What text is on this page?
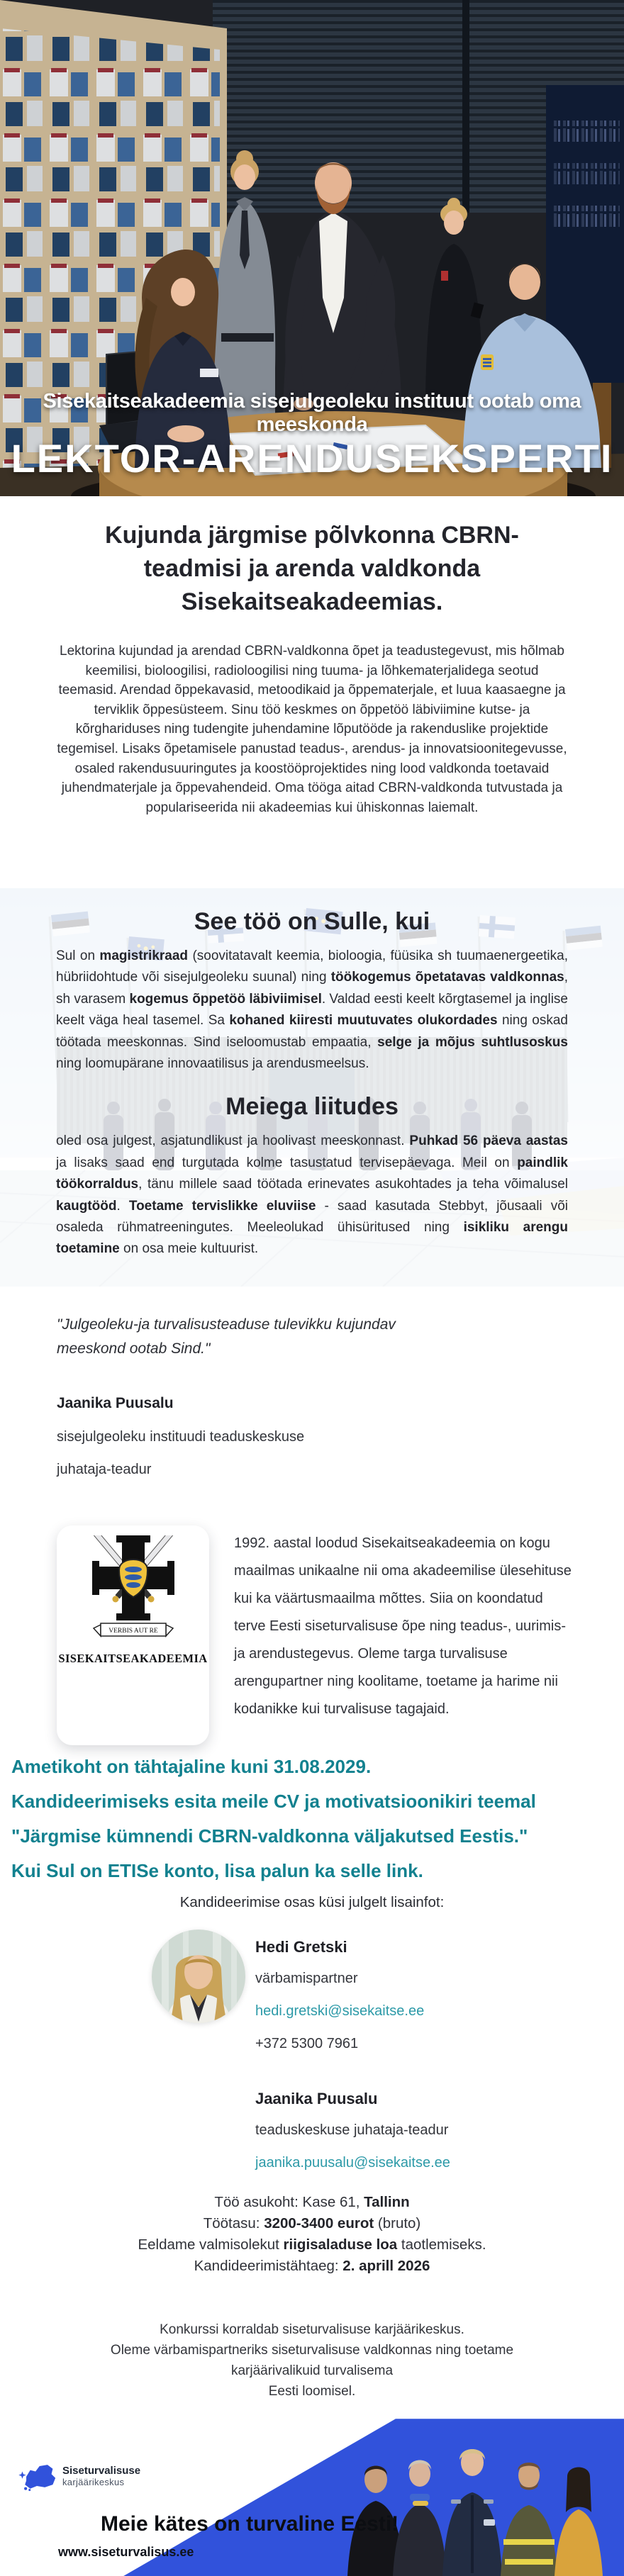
Sisekaitseakadeemia sisejulgeoleku instituut ootab oma meeskonda
LEKTOR-ARENDUSEKSPERTI
Kujunda järgmise põlvkonna CBRN-teadmisi ja arenda valdkonda Sisekaitseakadeemias.
Lektorina kujundad ja arendad CBRN-valdkonna õpet ja teadustegevust, mis hõlmab keemilisi, bioloogilisi, radioloogilisi ning tuuma- ja lõhkematerjalidega seotud teemasid. Arendad õppekavasid, metoodikaid ja õppematerjale, et luua kaasaegne ja terviklik õppesüsteem. Sinu töö keskmes on õppetöö läbiviimine kutse- ja kõrghariduses ning tudengite juhendamine lõputööde ja rakenduslike projektide tegemisel. Lisaks õpetamisele panustad teadus-, arendus- ja innovatsioonitegevusse, osaled rakendusuuringutes ja koostööprojektides ning lood valdkonda toetavaid juhendmaterjale ja õppevahendeid. Oma tööga aitad CBRN-valdkonda tutvustada ja populariseerida nii akadeemias kui ühiskonnas laiemalt.
See töö on Sulle, kui

Sul on magistrikraad (soovitatavalt keemia, bioloogia, füüsika sh tuumaenergeetika, hübriidohtude või sisejulgeoleku suunal) ning töökogemus õpetatavas valdkonnas, sh varasem kogemus õppetöö läbiviimisel. Valdad eesti keelt kõrgtasemel ja inglise keelt väga heal tasemel. Sa kohaned kiiresti muutuvates olukordades ning oskad töötada meeskonnas. Sind iseloomustab empaatia, selge ja mõjus suhtlusoskus ning loomupärane innovaatilisus ja arendusmeelsus.

Meiega liitudes

oled osa julgest, asjatundlikust ja hoolivast meeskonnast. Puhkad 56 päeva aastas ja lisaks saad end turgutada kolme tasustatud tervisepäevaga. Meil on paindlik töökorraldus, tänu millele saad töötada erinevates asukohtades ja teha võimalusel kaugtööd. Toetame tervislikke eluviise - saad kasutada Stebbyt, jõusaali või osaleda rühmatreeningutes. Meeleolukad ühisüritused ning isikliku arengu toetamine on osa meie kultuurist.

"Julgeoleku-ja turvalisusteaduse tulevikku kujundav meeskond ootab Sind."
Jaanika Puusalu
sisejulgeoleku instituudi teaduskeskuse
juhataja-teadur
VERBIS AUT RE
SISEKAITSEAKADEEMIA
1992. aastal loodud Sisekaitseakadeemia on kogu maailmas unikaalne nii oma akadeemilise ülesehituse kui ka väärtusmaailma mõttes. Siia on koondatud terve Eesti siseturvalisuse õpe ning teadus-, uurimis- ja arendustegevus. Oleme targa turvalisuse arengupartner ning koolitame, toetame ja harime nii kodanikke kui turvalisuse tagajaid.

Ametikoht on tähtajaline kuni 31.08.2029.

Kandideerimiseks esita meile CV ja motivatsioonikiri teemal "Järgmise kümnendi CBRN-valdkonna väljakutsed Eestis."

Kui Sul on ETISe konto, lisa palun ka selle link.

Kandideerimise osas küsi julgelt lisainfot:
Hedi Gretski
värbamispartner
hedi.gretski@sisekaitse.ee
+372 5300 7961
Jaanika Puusalu
teaduskeskuse juhataja-teadur
jaanika.puusalu@sisekaitse.ee
Töö asukoht: Kase 61, Tallinn
Töötasu: 3200-3400 eurot (bruto)
Eeldame valmisolekut riigisaladuse loa taotlemiseks.
Kandideerimistähtaeg: 2. aprill 2026
Konkurssi korraldab siseturvalisuse karjäärikeskus.
Oleme värbamispartneriks siseturvalisuse valdkonnas ning toetame
karjäärivalikuid turvalisema
Eesti loomisel.
Siseturvalisuse
karjäärikeskus
Meie kätes on turvaline Eesti!
www.siseturvalisus.ee
